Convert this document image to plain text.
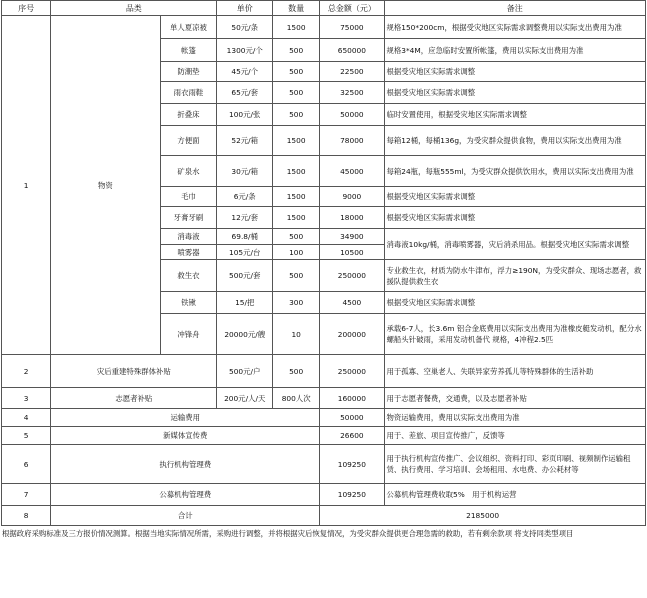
序号	品类		单价	数量	总金额（元）	备注
1	物资	单人夏凉被	50元/条	1500	75000	规格150*200cm，根据受灾地区实际需求调整费用以实际支出费用为准
		帐篷	1300元/个	500	650000	规格3*4M，应急临时安置所帐篷，费用以实际支出费用为准
		防潮垫	45元/个	500	22500	根据受灾地区实际需求调整
		雨衣雨鞋	65元/套	500	32500	根据受灾地区实际需求调整
		折叠床	100元/张	500	50000	临时安置使用，根据受灾地区实际需求调整
		方便面	52元/箱	1500	78000	每箱12桶，每桶136g，为受灾群众提供食物，费用以实际支出费用为准
		矿泉水	30元/箱	1500	45000	每箱24瓶，每瓶555ml，为受灾群众提供饮用水，费用以实际支出费用为准
		毛巾	6元/条	1500	9000	根据受灾地区实际需求调整
		牙膏牙刷	12元/套	1500	18000	根据受灾地区实际需求调整
		消毒液	69.8/桶	500	34900	消毒液10kg/桶，消毒喷雾器，灾后消杀用品。根据受灾地区实际需求调整
		喷雾器	105元/台	100	10500	
		救生衣	500元/套	500	250000	专业救生衣，材质为防水牛津布，浮力≥190N，为受灾群众、现场志愿者，救援队提供救生衣
		铁锹	15/把	300	4500	根据受灾地区实际需求调整
		冲锋舟	20000元/艘	10	200000	承载6-7人，长3.6m 铝合金底费用以实际支出费用为准橡皮艇发动机，配分水螺船头针破雨，采用发动机备代 规格，4冲程2.5匹
2	灾后重建特殊群体补贴		500元/户	500	250000	用于孤寡、空巢老人、失联异家劳养孤儿等特殊群体的生活补助
3	志愿者补贴		200元/人/天	800人次	160000	用于志愿者餐费，交通费，以及志愿者补贴
4	运输费用				50000	物资运输费用，费用以实际支出费用为准
5	新媒体宣传费				26600	用于、差旅、项目宣传推广，反馈等
6	执行机构管理费				109250	用于执行机构宣传推广、会议组织、资料打印、彩页印刷、视频制作运输租赁、执行费用、学习培训、会场租用、水电费、办公耗材等
7	公募机构管理费				109250	公募机构管理费收取5%　用于机构运营
8	合计				2185000	
根据政府采购标准及三方报价情况测算。根据当地实际情况所需，采购进行调整，并将根据灾后恢复情况，为受灾群众提供更合理急需的救助，若有剩余款项 将支持同类型项目
